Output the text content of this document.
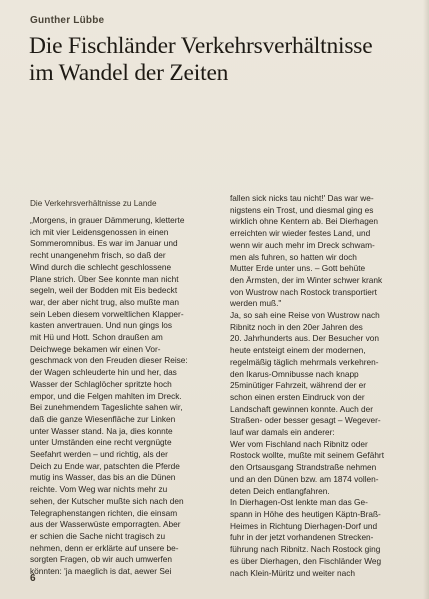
Gunther Lübbe
Die Fischländer Verkehrsverhältnisse
im Wandel der Zeiten
Die Verkehrsverhältnisse zu Lande
„Morgens, in grauer Dämmerung, kletterte
ich mit vier Leidensgenossen in einen
Sommeromnibus. Es war im Januar und
recht unangenehm frisch, so daß der
Wind durch die schlecht geschlossene
Plane strich. Über See konnte man nicht
segeln, weil der Bodden mit Eis bedeckt
war, der aber nicht trug, also mußte man
sein Leben diesem vorweltlichen Klapper-
kasten anvertrauen. Und nun gings los
mit Hü und Hott. Schon draußen am
Deichwege bekamen wir einen Vor-
geschmack von den Freuden dieser Reise:
der Wagen schleuderte hin und her, das
Wasser der Schlaglöcher spritzte hoch
empor, und die Felgen mahlten im Dreck.
Bei zunehmendem Tageslichte sahen wir,
daß die ganze Wiesenfläche zur Linken
unter Wasser stand. Na ja, dies konnte
unter Umständen eine recht vergnügte
Seefahrt werden – und richtig, als der
Deich zu Ende war, patschten die Pferde
mutig ins Wasser, das bis an die Dünen
reichte. Vom Weg war nichts mehr zu
sehen, der Kutscher mußte sich nach den
Telegraphenstangen richten, die einsam
aus der Wasserwüste emporragten. Aber
er schien die Sache nicht tragisch zu
nehmen, denn er erklärte auf unsere be-
sorgten Fragen, ob wir auch umwerfen
könnten: 'ja maeglich is dat, aewer Sei
fallen sick nicks tau nicht!' Das war we-
nigstens ein Trost, und diesmal ging es
wirklich ohne Kentern ab. Bei Dierhagen
erreichten wir wieder festes Land, und
wenn wir auch mehr im Dreck schwam-
men als fuhren, so hatten wir doch
Mutter Erde unter uns. – Gott behüte
den Ärmsten, der im Winter schwer krank
von Wustrow nach Rostock transportiert
werden muß."
Ja, so sah eine Reise von Wustrow nach
Ribnitz noch in den 20er Jahren des
20. Jahrhunderts aus. Der Besucher von
heute entsteigt einem der modernen,
regelmäßig täglich mehrmals verkehren-
den Ikarus-Omnibusse nach knapp
25minütiger Fahrzeit, während der er
schon einen ersten Eindruck von der
Landschaft gewinnen konnte. Auch der
Straßen- oder besser gesagt – Wegever-
lauf war damals ein anderer:
Wer vom Fischland nach Ribnitz oder
Rostock wollte, mußte mit seinem Gefährt
den Ortsausgang Strandstraße nehmen
und an den Dünen bzw. am 1874 vollen-
deten Deich entlangfahren.
In Dierhagen-Ost lenkte man das Ge-
spann in Höhe des heutigen Käptn-Braß-
Heimes in Richtung Dierhagen-Dorf und
fuhr in der jetzt vorhandenen Strecken-
führung nach Ribnitz. Nach Rostock ging
es über Dierhagen, den Fischländer Weg
nach Klein-Müritz und weiter nach
6
